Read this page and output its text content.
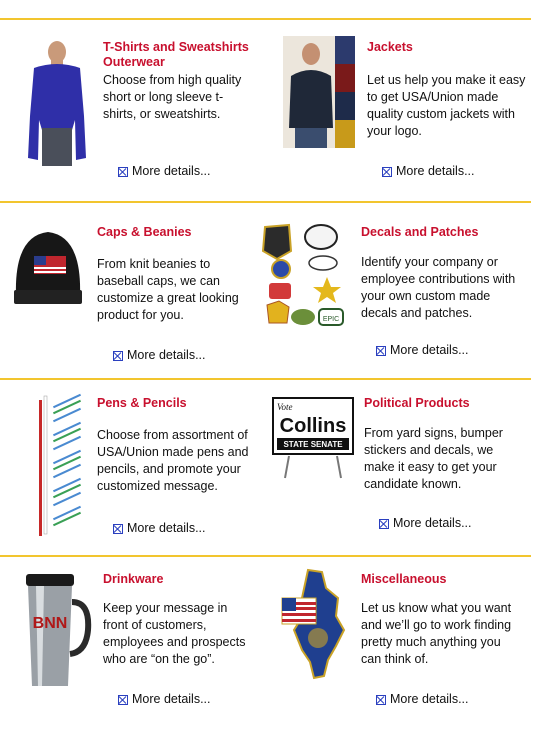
T-Shirts and Sweatshirts Outerwear
Choose from high quality short or long sleeve t-shirts, or sweatshirts.
More details...
Jackets
Let us help you make it easy to get USA/Union made quality custom jackets with your logo.
More details...
Caps & Beanies
From knit beanies to baseball caps, we can customize a great looking product for you.
More details...
EPIC
Decals and Patches
Identify your company or employee contributions with your own custom made decals and patches.
More details...
Pens & Pencils
Choose from assortment of USA/Union made pens and pencils, and promote your customized message.
More details...
Vote
Collins
STATE SENATE
Political Products
From yard signs, bumper stickers and decals, we make it easy to get your candidate known.
More details...
BNN
Drinkware
Keep your message in front of customers, employees and prospects who are “on the go”.
More details...
Miscellaneous
Let us know what you want and we’ll go to work finding pretty much anything you can think of.
More details...
